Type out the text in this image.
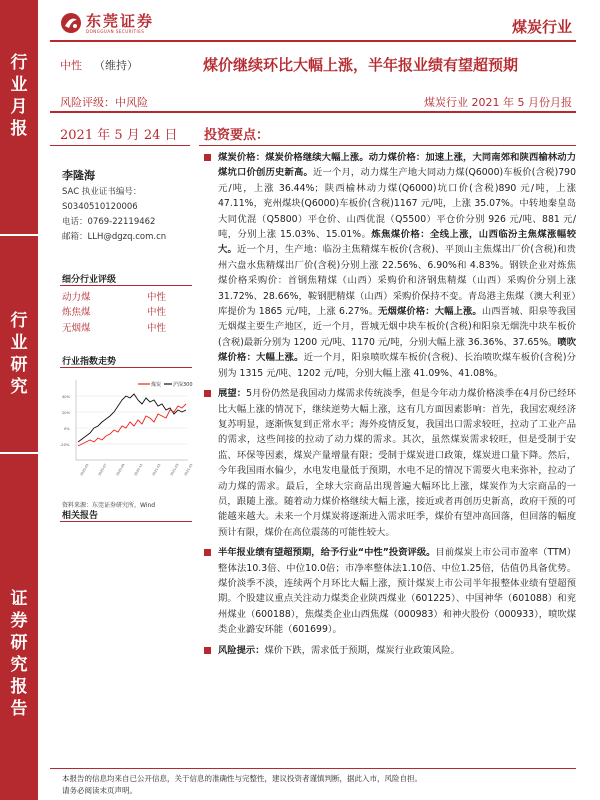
行
业
月
报
行
业
研
究
证
券
研
究
报
告
东莞证券
DONGGUAN SECURITIES	煤炭行业
中性 （维持）	煤价继续环比大幅上涨，半年报业绩有望超预期
风险评级：中风险	煤炭行业 2021 年 5 月份月报
2021 年 5 月 24 日 投资要点：
李隆海
SAC 执业证书编号：
S0340510120006
电话：0769-22119462
邮箱：LLH@dgzq.com.cn
细分行业评级
动力煤	中性
炼焦煤	中性
无烟煤	中性
行业指数走势
煤炭 沪深300
40%
20%
0%
-20%
2020-05 2020-07 2020-09 2020-11 2021-01 2021-03 2021-05
资料来源：东莞证券研究所，Wind
相关报告
煤炭价格：煤炭价格继续大幅上涨。动力煤价格：加速上涨，大同南郊和陕西榆林动力煤坑口价创历史新高。近一个月，动力煤生产地大同动力煤(Q6000)车板价(含税)790 元/吨，上涨 36.44%；陕西榆林动力煤(Q6000)坑口价(含税)890 元/吨，上涨 47.11%，兖州煤块(Q6000)车板价(含税)1167 元/吨，上涨 35.07%。中转地秦皇岛大同优混（Q5800）平仓价、山西优混（Q5500）平仓价分别 926 元/吨、881 元/吨，分别上涨 15.03%、15.01%。炼焦煤价格：全线上涨，山西临汾主焦煤涨幅较大。近一个月，生产地：临汾主焦精煤车板价(含税)、平顶山主焦煤出厂价(含税)和贵州六盘水焦精煤出厂价(含税)分别上涨 22.56%、6.90%和 4.83%。钢铁企业对炼焦煤价格采购价：首钢焦精煤（山西）采购价和济钢焦精煤（山西）采购价分别上涨 31.72%、28.66%，鞍钢肥精煤（山西）采购价保持不变。青岛港主焦煤（澳大利亚）库提价为 1865 元/吨，上涨 6.27%。无烟煤价格：大幅上涨。山西晋城、阳泉等我国无烟煤主要生产地区，近一个月，晋城无烟中块车板价(含税)和阳泉无烟洗中块车板价(含税)最新分别为 1200 元/吨、1170 元/吨，分别大幅上涨 36.36%、37.65%。喷吹煤价格：大幅上涨。近一个月，阳泉喷吹煤车板价(含税)、长治喷吹煤车板价(含税)分别为 1315 元/吨、1202 元/吨，分别大幅上涨 41.09%、41.08%。
展望：5月份仍然是我国动力煤需求传统淡季，但是今年动力煤价格淡季在4月份已经环比大幅上涨的情况下，继续逆势大幅上涨，这有几方面因素影响：首先，我国宏观经济复苏明显，逐渐恢复到正常水平；海外疫情反复，我国出口需求较旺，拉动了工业产品的需求，这些间接的拉动了动力煤的需求。其次，虽然煤炭需求较旺，但是受制于安监、环保等因素，煤炭产量增量有限；受制于煤炭进口政策，煤炭进口量下降。然后，今年我国雨水偏少，水电发电量低于预期，水电不足的情况下需要火电来弥补，拉动了动力煤的需求。最后，全球大宗商品出现普遍大幅环比上涨，煤炭作为大宗商品的一员，跟随上涨。随着动力煤价格继续大幅上涨，接近或者再创历史新高，政府干预的可能越来越大。未来一个月煤炭将逐渐进入需求旺季，煤价有望冲高回落，但回落的幅度预计有限，煤价在高位震荡的可能性较大。
半年报业绩有望超预期，给予行业“中性”投资评级。目前煤炭上市公司市盈率（TTM）整体法10.3倍、中位10.0倍；市净率整体法1.10倍、中位1.25倍，估值仍具备优势。煤价淡季不淡，连续两个月环比大幅上涨，预计煤炭上市公司半年报整体业绩有望超预期。个股建议重点关注动力煤类企业陕西煤业（601225）、中国神华（601088）和兖州煤业（600188），焦煤类企业山西焦煤（000983）和神火股份（000933），喷吹煤类企业潞安环能（601699）。
风险提示：煤价下跌，需求低于预期，煤炭行业政策风险。
本报告的信息均来自已公开信息，关于信息的准确性与完整性，建议投资者谨慎判断，据此入市，风险自担。
请务必阅读末页声明。
